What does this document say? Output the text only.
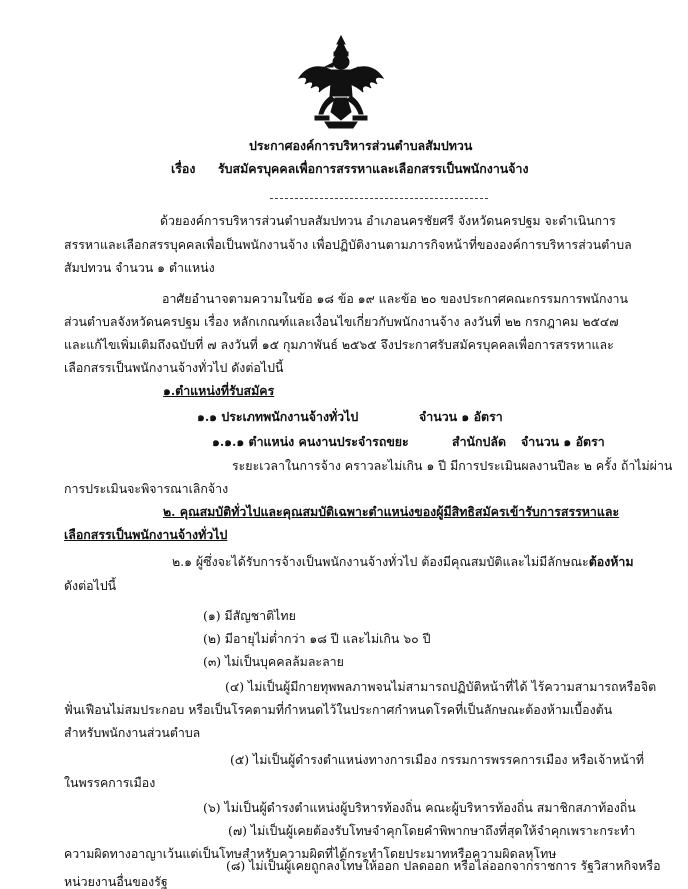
ประกาศองค์การบริหารส่วนตำบลสัมปทวน
เรื่อง รับสมัครบุคคลเพื่อการสรรหาและเลือกสรรเป็นพนักงานจ้าง
ด้วยองค์การบริหารส่วนตำบลสัมปทวน อำเภอนครชัยศรี จังหวัดนครปฐม จะดำเนินการ
สรรหาและเลือกสรรบุคคลเพื่อเป็นพนักงานจ้าง เพื่อปฏิบัติงานตามภารกิจหน้าที่ขององค์การบริหารส่วนตำบล
สัมปทวน จำนวน ๑ ตำแหน่ง
อาศัยอำนาจตามความในข้อ ๑๘ ข้อ ๑๙ และข้อ ๒๐ ของประกาศคณะกรรมการพนักงาน
ส่วนตำบลจังหวัดนครปฐม เรื่อง หลักเกณฑ์และเงื่อนไขเกี่ยวกับพนักงานจ้าง ลงวันที่ ๒๒ กรกฎาคม ๒๕๔๗
และแก้ไขเพิ่มเติมถึงฉบับที่ ๗ ลงวันที่ ๑๕ กุมภาพันธ์ ๒๕๖๕ จึงประกาศรับสมัครบุคคลเพื่อการสรรหาและ
เลือกสรรเป็นพนักงานจ้างทั่วไป ดังต่อไปนี้
๑.ตำแหน่งที่รับสมัคร
๑.๑ ประเภทพนักงานจ้างทั่วไป	จำนวน ๑ อัตรา
๑.๑.๑ ตำแหน่ง คนงานประจำรถขยะ	สำนักปลัด จำนวน ๑ อัตรา
ระยะเวลาในการจ้าง คราวละไม่เกิน ๑ ปี มีการประเมินผลงานปีละ ๒ ครั้ง ถ้าไม่ผ่าน
การประเมินจะพิจารณาเลิกจ้าง
๒. คุณสมบัติทั่วไปและคุณสมบัติเฉพาะตำแหน่งของผู้มีสิทธิสมัครเข้ารับการสรรหาและ
เลือกสรรเป็นพนักงานจ้างทั่วไป
๒.๑ ผู้ซึ่งจะได้รับการจ้างเป็นพนักงานจ้างทั่วไป ต้องมีคุณสมบัติและไม่มีลักษณะต้องห้าม
ดังต่อไปนี้
(๑) มีสัญชาติไทย
(๒) มีอายุไม่ต่ำกว่า ๑๘ ปี และไม่เกิน ๖๐ ปี
(๓) ไม่เป็นบุคคลล้มละลาย
(๔) ไม่เป็นผู้มีกายทุพพลภาพจนไม่สามารถปฏิบัติหน้าที่ได้ ไร้ความสามารถหรือจิต
ฟั่นเฟือนไม่สมประกอบ หรือเป็นโรคตามที่กำหนดไว้ในประกาศกำหนดโรคที่เป็นลักษณะต้องห้ามเบื้องต้น
สำหรับพนักงานส่วนตำบล
(๕) ไม่เป็นผู้ดำรงตำแหน่งทางการเมือง กรรมการพรรคการเมือง หรือเจ้าหน้าที่
ในพรรคการเมือง
(๖) ไม่เป็นผู้ดำรงตำแหน่งผู้บริหารท้องถิ่น คณะผู้บริหารท้องถิ่น สมาชิกสภาท้องถิ่น
(๗) ไม่เป็นผู้เคยต้องรับโทษจำคุกโดยคำพิพากษาถึงที่สุดให้จำคุกเพราะกระทำ
ความผิดทางอาญาเว้นแต่เป็นโทษสำหรับความผิดที่ได้กระทำโดยประมาทหรือความผิดลหุโทษ
(๘) ไม่เป็นผู้เคยถูกลงโทษให้ออก ปลดออก หรือไล่ออกจากราชการ รัฐวิสาหกิจหรือ
หน่วยงานอื่นของรัฐ
